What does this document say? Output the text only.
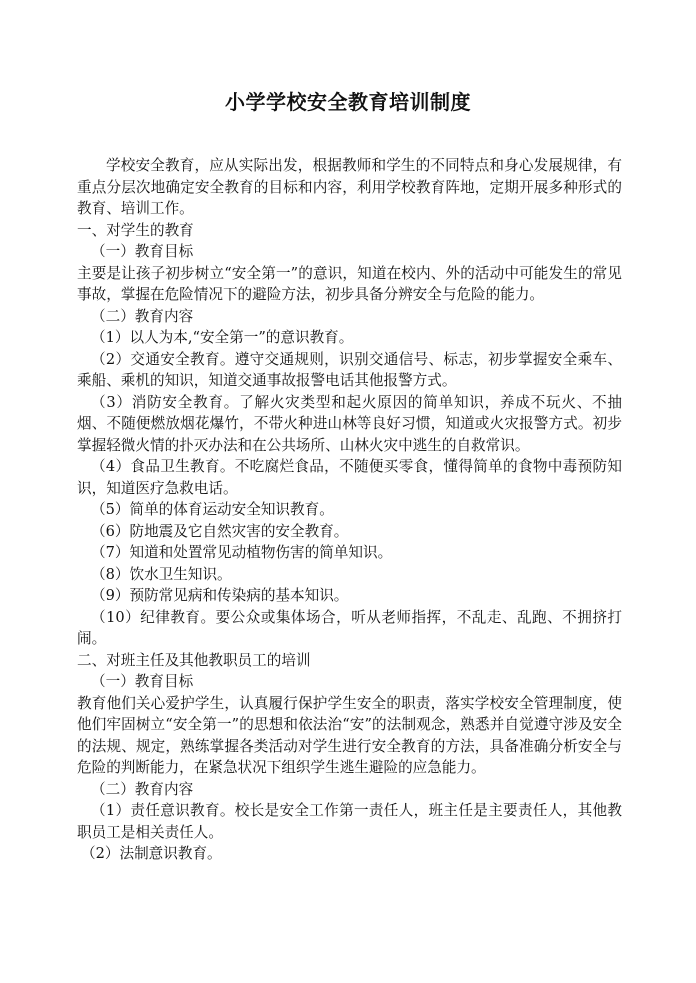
小学学校安全教育培训制度

学校安全教育，应从实际出发，根据教师和学生的不同特点和身心发展规律，有重点分层次地确定安全教育的目标和内容，利用学校教育阵地，定期开展多种形式的教育、培训工作。

一、对学生的教育

（一）教育目标

主要是让孩子初步树立“安全第一”的意识，知道在校内、外的活动中可能发生的常见事故，掌握在危险情况下的避险方法，初步具备分辨安全与危险的能力。

（二）教育内容

（1）以人为本,“安全第一”的意识教育。

（2）交通安全教育。遵守交通规则，识别交通信号、标志，初步掌握安全乘车、乘船、乘机的知识，知道交通事故报警电话其他报警方式。

（3）消防安全教育。了解火灾类型和起火原因的简单知识，养成不玩火、不抽烟、不随便燃放烟花爆竹，不带火种进山林等良好习惯，知道或火灾报警方式。初步掌握轻微火情的扑灭办法和在公共场所、山林火灾中逃生的自救常识。

（4）食品卫生教育。不吃腐烂食品，不随便买零食，懂得简单的食物中毒预防知识，知道医疗急救电话。

（5）简单的体育运动安全知识教育。

（6）防地震及它自然灾害的安全教育。

（7）知道和处置常见动植物伤害的简单知识。

（8）饮水卫生知识。

（9）预防常见病和传染病的基本知识。

（10）纪律教育。要公众或集体场合，听从老师指挥，不乱走、乱跑、不拥挤打闹。

二、对班主任及其他教职员工的培训

（一）教育目标

教育他们关心爱护学生，认真履行保护学生安全的职责，落实学校安全管理制度，使他们牢固树立“安全第一”的思想和依法治“安”的法制观念，熟悉并自觉遵守涉及安全的法规、规定，熟练掌握各类活动对学生进行安全教育的方法，具备准确分析安全与危险的判断能力，在紧急状况下组织学生逃生避险的应急能力。

（二）教育内容

（1）责任意识教育。校长是安全工作第一责任人，班主任是主要责任人，其他教职员工是相关责任人。

（2）法制意识教育。
